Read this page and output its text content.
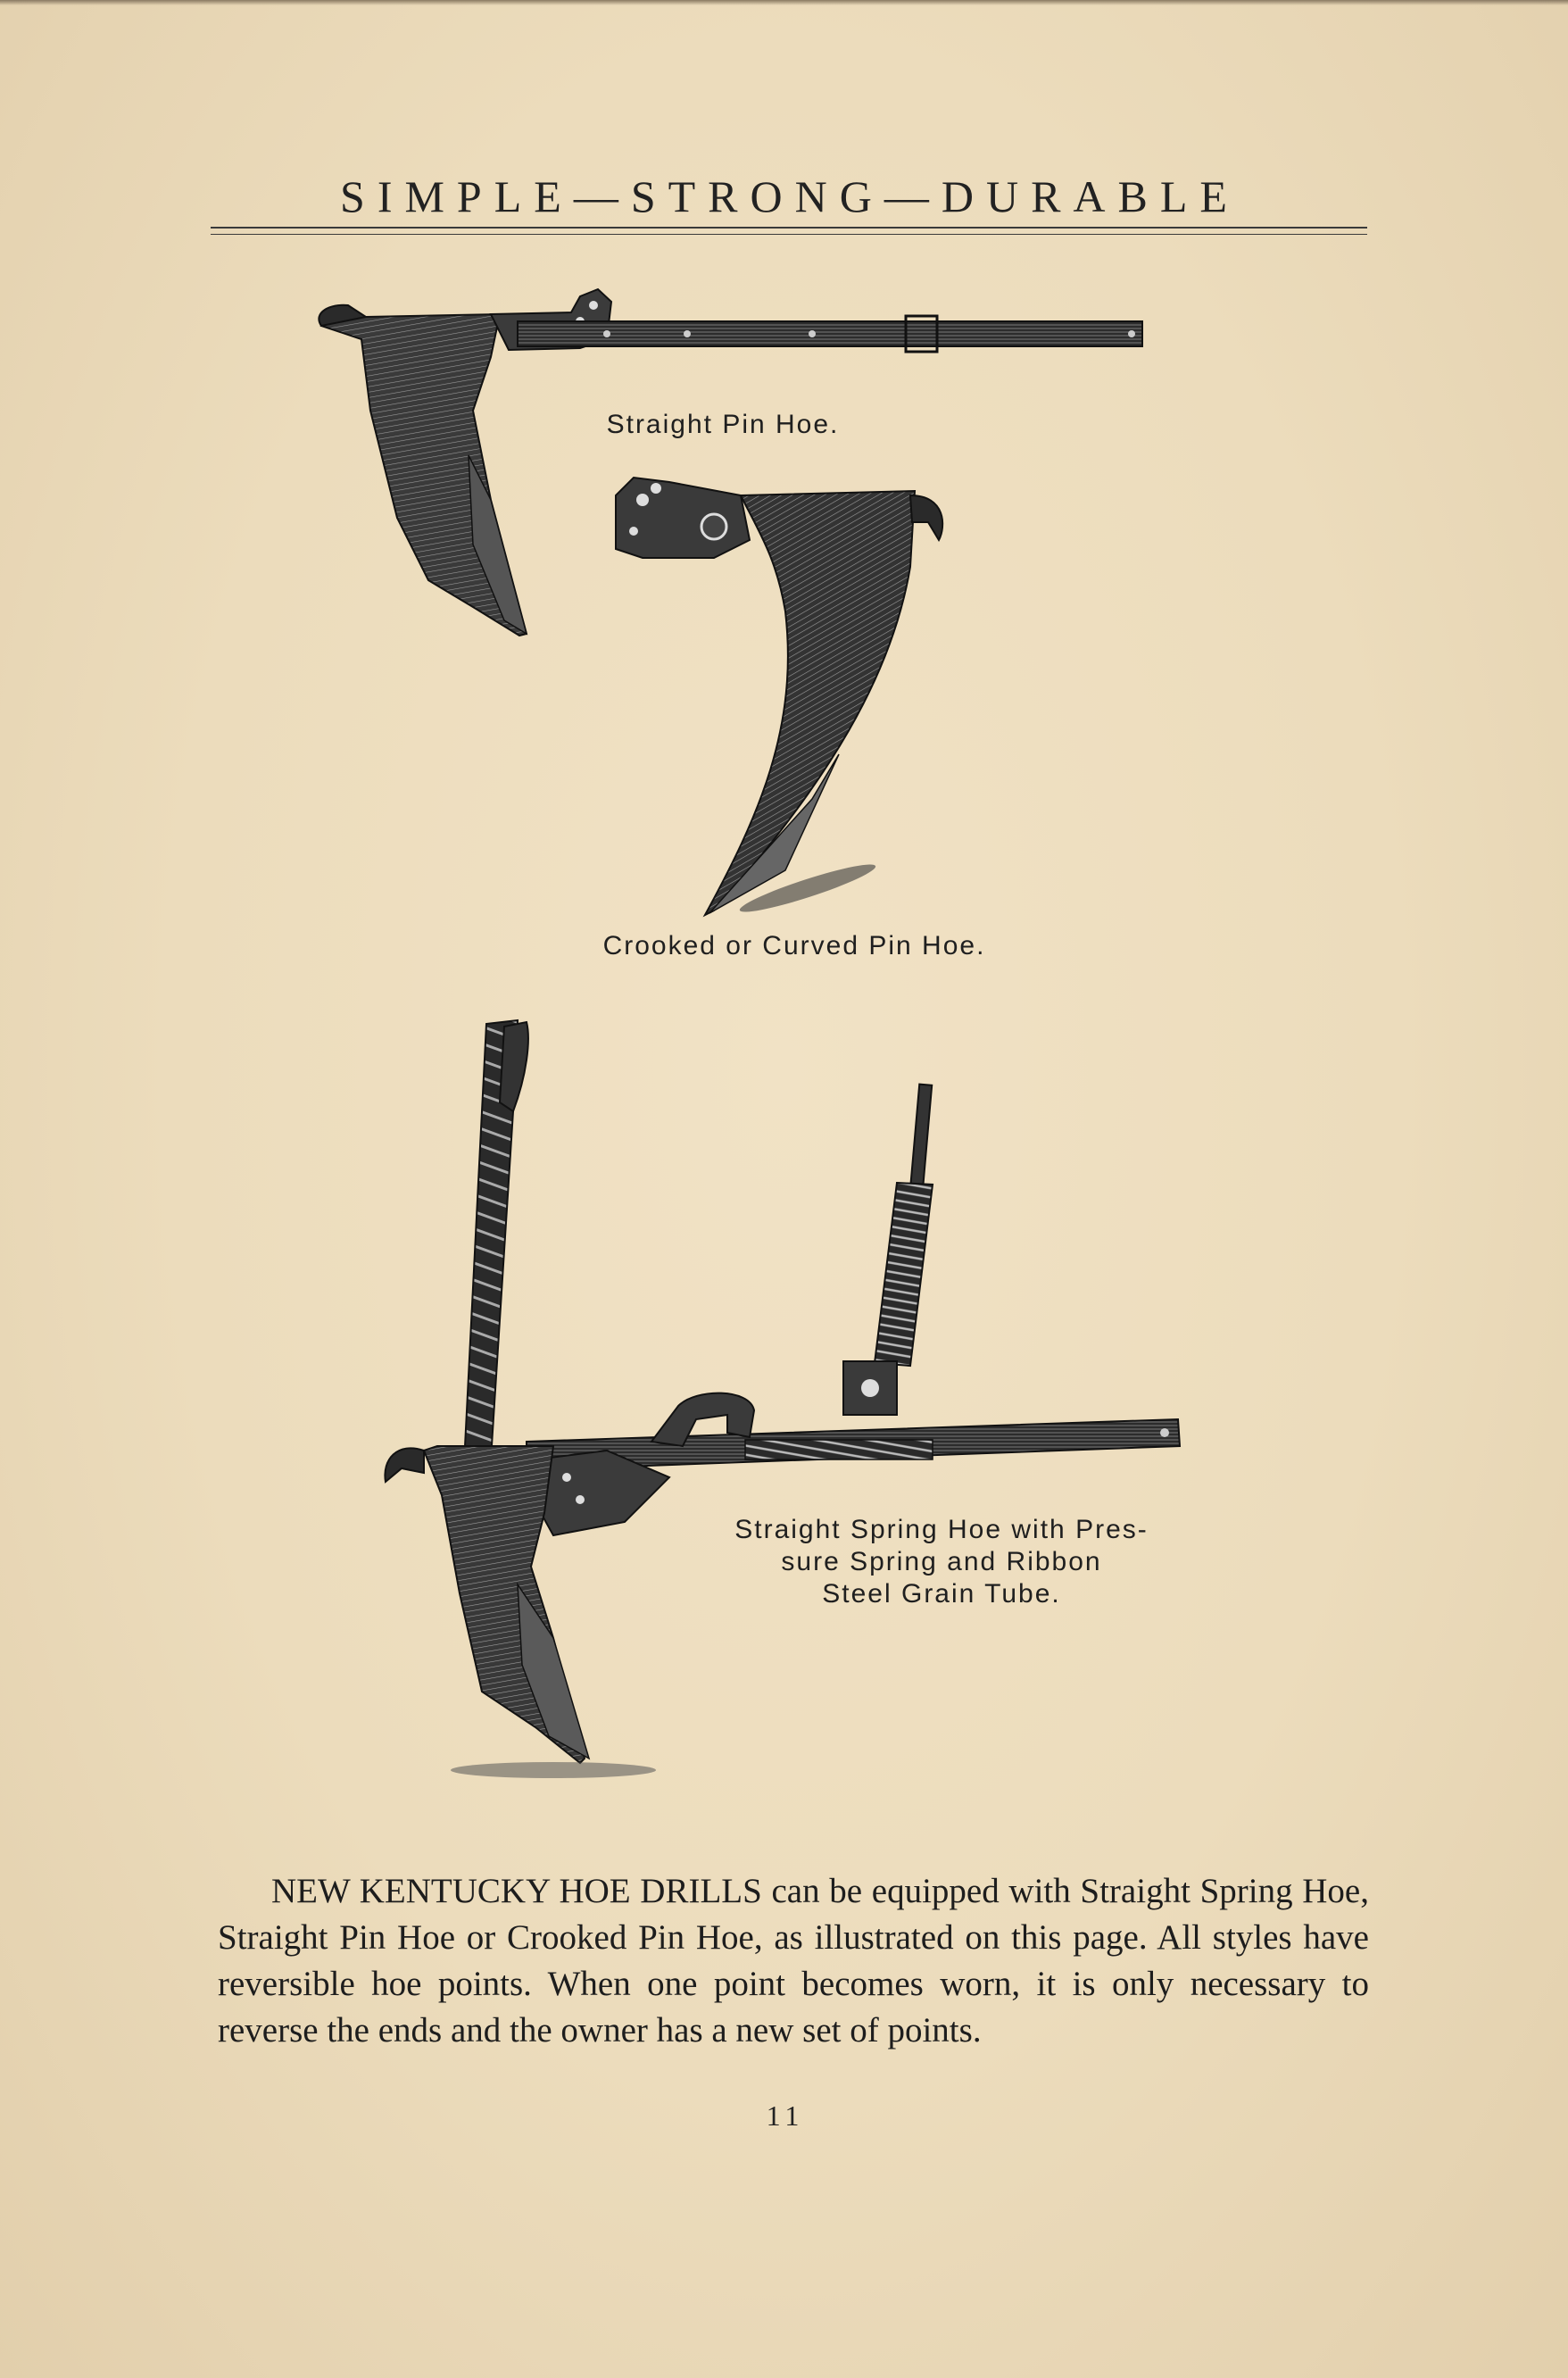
SIMPLE—STRONG—DURABLE
Straight Pin Hoe.
Crooked or Curved Pin Hoe.
Straight Spring Hoe with Pres-
sure Spring and Ribbon
Steel Grain Tube.

NEW KENTUCKY HOE DRILLS can be equipped with Straight Spring Hoe, Straight Pin Hoe or Crooked Pin Hoe, as illustrated on this page. All styles have reversible hoe points. When one point becomes worn, it is only necessary to reverse the ends and the owner has a new set of points.

11
